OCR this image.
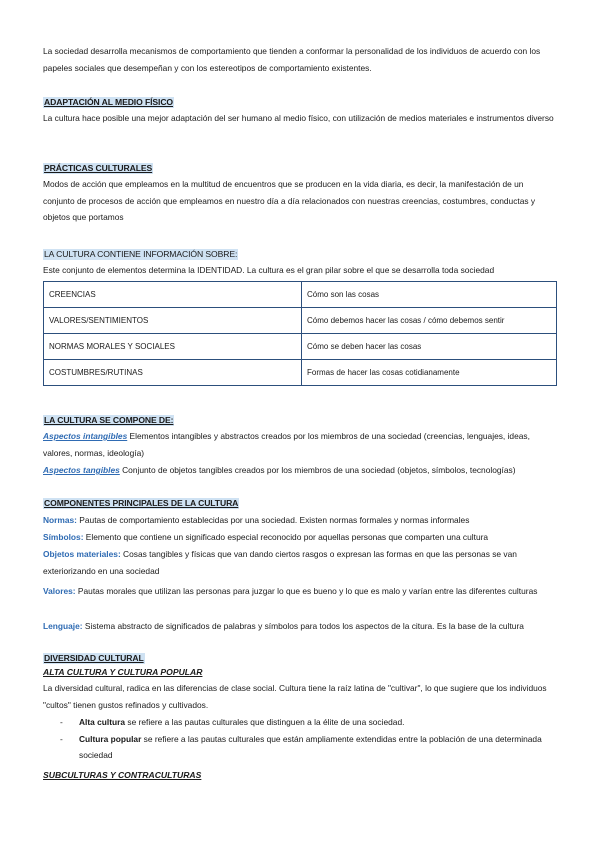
La sociedad desarrolla mecanismos de comportamiento que tienden a conformar la personalidad de los individuos de acuerdo con los papeles sociales que desempeñan y con los estereotipos de comportamiento existentes.

ADAPTACIÓN AL MEDIO FÍSICO

La cultura hace posible una mejor adaptación del ser humano al medio físico, con utilización de medios materiales e instrumentos diverso

PRÁCTICAS CULTURALES

Modos de acción que empleamos en la multitud de encuentros que se producen en la vida diaria, es decir, la manifestación de un conjunto de procesos de acción que empleamos en nuestro día a día relacionados con nuestras creencias, costumbres, conductas y objetos que portamos

LA CULTURA CONTIENE INFORMACIÓN SOBRE:

Este conjunto de elementos determina la IDENTIDAD. La cultura es el gran pilar sobre el que se desarrolla toda sociedad

CREENCIAS	Cómo son las cosas
VALORES/SENTIMIENTOS	Cómo debemos hacer las cosas / cómo debemos sentir
NORMAS MORALES Y SOCIALES	Cómo se deben hacer las cosas
COSTUMBRES/RUTINAS	Formas de hacer las cosas cotidianamente
LA CULTURA SE COMPONE DE:

Aspectos intangibles Elementos intangibles y abstractos creados por los miembros de una sociedad (creencias, lenguajes, ideas, valores, normas, ideología)

Aspectos tangibles Conjunto de objetos tangibles creados por los miembros de una sociedad (objetos, símbolos, tecnologías)

COMPONENTES PRINCIPALES DE LA CULTURA

Normas: Pautas de comportamiento establecidas por una sociedad. Existen normas formales y normas informales

Símbolos: Elemento que contiene un significado especial reconocido por aquellas personas que comparten una cultura

Objetos materiales: Cosas tangibles y físicas que van dando ciertos rasgos o expresan las formas en que las personas se van exteriorizando en una sociedad

Valores: Pautas morales que utilizan las personas para juzgar lo que es bueno y lo que es malo y varían entre las diferentes culturas

Lenguaje: Sistema abstracto de significados de palabras y símbolos para todos los aspectos de la citura. Es la base de la cultura

DIVERSIDAD CULTURAL
ALTA CULTURA Y CULTURA POPULAR

La diversidad cultural, radica en las diferencias de clase social. Cultura tiene la raíz latina de "cultivar", lo que sugiere que los individuos "cultos" tienen gustos refinados y cultivados.

- Alta cultura se refiere a las pautas culturales que distinguen a la élite de una sociedad.
- Cultura popular se refiere a las pautas culturales que están ampliamente extendidas entre la población de una determinada sociedad
SUBCULTURAS Y CONTRACULTURAS
